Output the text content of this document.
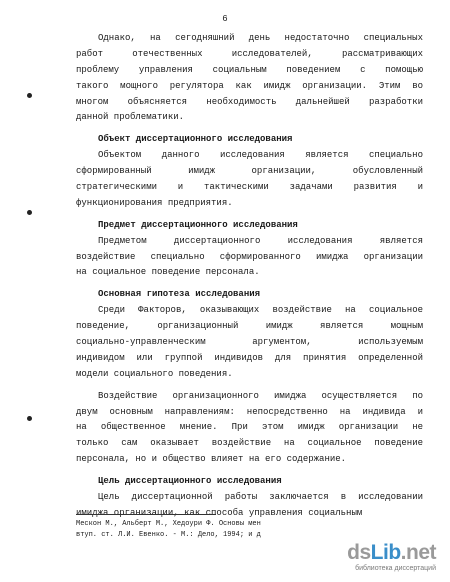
6
Однако, на сегодняшний день недостаточно специальных
работ отечественных исследователей, рассматривающих
проблему управления социальным поведением с помощью
такого мощного регулятора как имидж организации. Этим во
многом объясняется необходимость дальнейшей разработки
данной проблематики.
Объект диссертационного исследования
Объектом данного исследования является специально
сформированный имидж организации, обусловленный
стратегическими и тактическими задачами развития и
функционирования предприятия.
Предмет диссертационного исследования
Предметом диссертационного исследования является
воздействие специально сформированного имиджа организации
на социальное поведение персонала.
Основная гипотеза исследования
Среди Факторов, оказывающих воздействие на социальное
поведение, организационный имидж является мощным
социально-управленческим аргументом, используемым
индивидом или группой индивидов для принятия определенной
модели социального поведения.
Воздействие организационного имиджа осуществляется по
двум основным направлениям: непосредственно на индивида и
на общественное мнение. При этом имидж организации не
только сам оказывает воздействие на социальное поведение
персонала, но и общество влияет на его содержание.
Цель диссертационного исследования
Цель диссертационной работы заключается в исследовании
имиджа организации, как способа управления социальным
Мескон М., Альберт М., Хедоури Ф. Основы мен
втуп. ст. Л.И. Евенко. - М.: Дело, 1994; и д
dsLib.net
библиотека диссертаций
